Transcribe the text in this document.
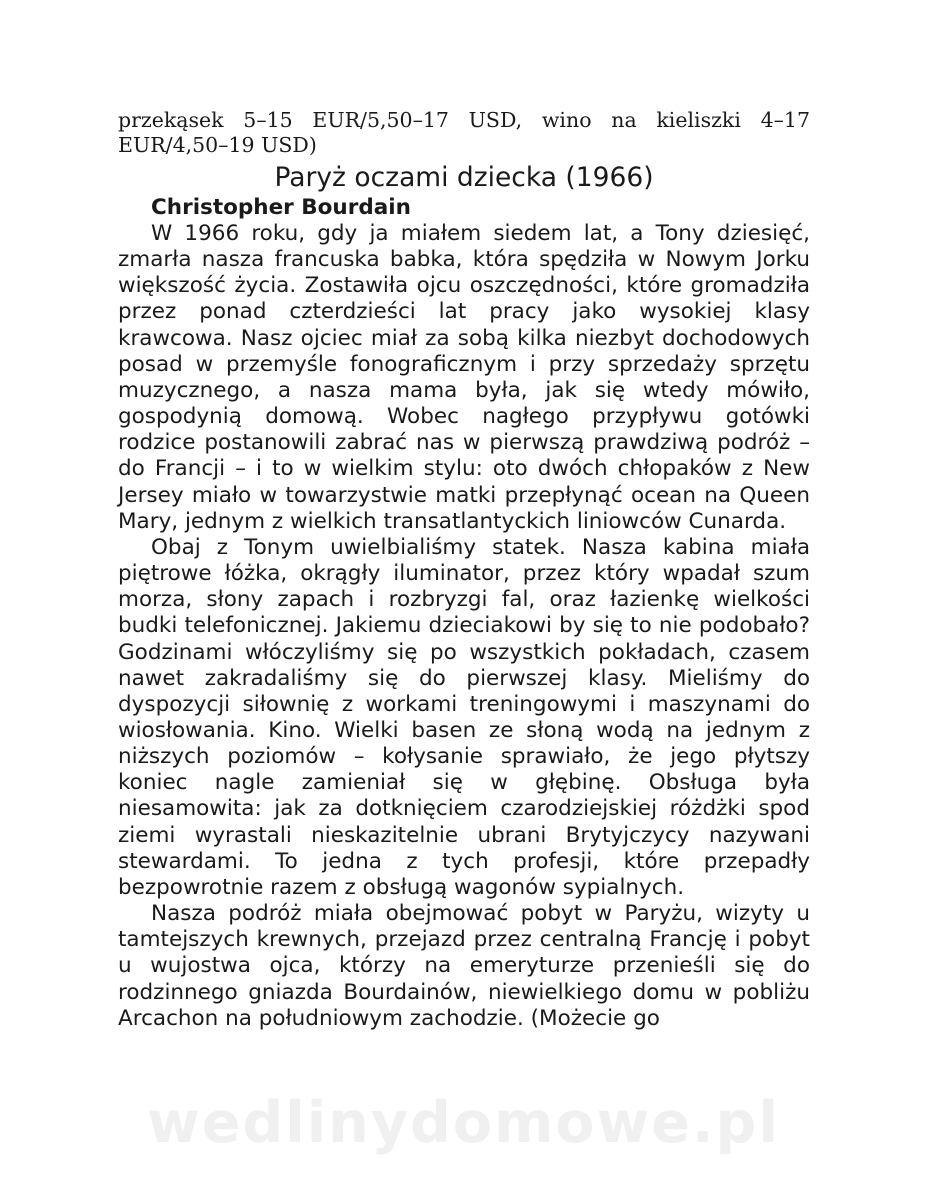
przekąsek 5–15 EUR/5,50–17 USD, wino na kieliszki 4–17 EUR/4,50–19 USD)

Paryż oczami dziecka (1966)

Christopher Bourdain

W 1966 roku, gdy ja miałem siedem lat, a Tony dziesięć, zmarła nasza francuska babka, która spędziła w Nowym Jorku większość życia. Zostawiła ojcu oszczędności, które gromadziła przez ponad czterdzieści lat pracy jako wysokiej klasy krawcowa. Nasz ojciec miał za sobą kilka niezbyt dochodowych posad w przemyśle fonograficznym i przy sprzedaży sprzętu muzycznego, a nasza mama była, jak się wtedy mówiło, gospodynią domową. Wobec nagłego przypływu gotówki rodzice postanowili zabrać nas w pierwszą prawdziwą podróż – do Francji – i to w wielkim stylu: oto dwóch chłopaków z New Jersey miało w towarzystwie matki przepłynąć ocean na Queen Mary, jednym z wielkich transatlantyckich liniowców Cunarda.

Obaj z Tonym uwielbialiśmy statek. Nasza kabina miała piętrowe łóżka, okrągły iluminator, przez który wpadał szum morza, słony zapach i rozbryzgi fal, oraz łazienkę wielkości budki telefonicznej. Jakiemu dzieciakowi by się to nie podobało? Godzinami włóczyliśmy się po wszystkich pokładach, czasem nawet zakradaliśmy się do pierwszej klasy. Mieliśmy do dyspozycji siłownię z workami treningowymi i maszynami do wiosłowania. Kino. Wielki basen ze słoną wodą na jednym z niższych poziomów – kołysanie sprawiało, że jego płytszy koniec nagle zamieniał się w głębinę. Obsługa była niesamowita: jak za dotknięciem czarodziejskiej różdżki spod ziemi wyrastali nieskazitelnie ubrani Brytyjczycy nazywani stewardami. To jedna z tych profesji, które przepadły bezpowrotnie razem z obsługą wagonów sypialnych.

Nasza podróż miała obejmować pobyt w Paryżu, wizyty u tamtejszych krewnych, przejazd przez centralną Francję i pobyt u wujostwa ojca, którzy na emeryturze przenieśli się do rodzinnego gniazda Bourdainów, niewielkiego domu w pobliżu Arcachon na południowym zachodzie. (Możecie go

wedlinydomowe.pl
